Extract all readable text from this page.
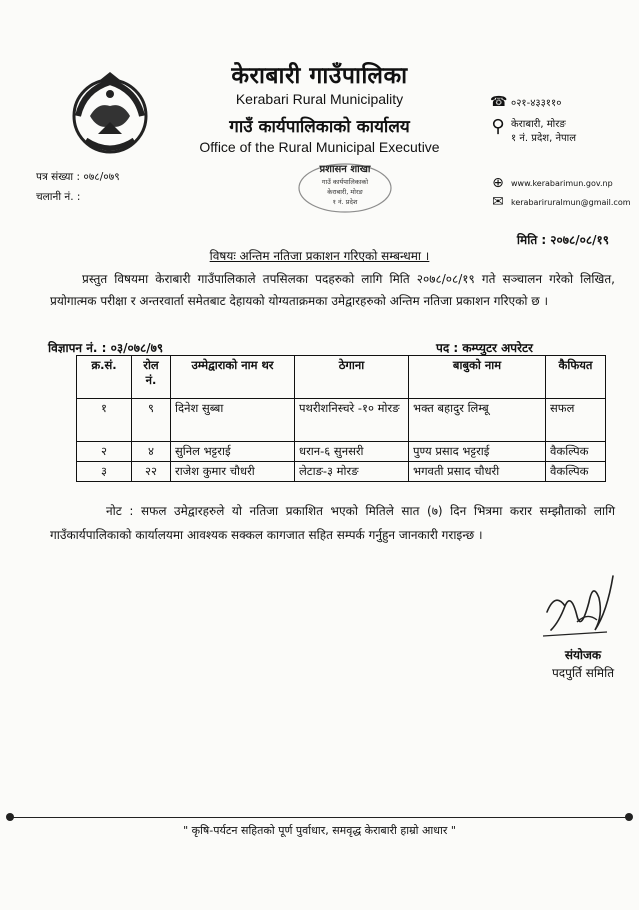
केराबारी गाउँपालिका
Kerabari Rural Municipality
गाउँ कार्यपालिकाको कार्यालय
Office of the Rural Municipal Executive
☎ ०२१-४३३११०
⚲ केराबारी, मोरङ
१ नं. प्रदेश, नेपाल
⊕ www.kerabarimun.gov.np
✉ kerabariruralmun@gmail.com
पत्र संख्या : ०७८/०७९
चलानी नं. :
प्रशासन शाखा
गाउँ कार्यपालिकाको
केराबारी, मोरङ
१ नं. प्रदेश
मिति : २०७८/०८/१९
विषयः अन्तिम नतिजा प्रकाशन गरिएको सम्बन्धमा ।
प्रस्तुत विषयमा केराबारी गाउँपालिकाले तपसिलका पदहरुको लागि मिति २०७८/०८/१९ गते सञ्चालन गरेको लिखित, प्रयोगात्मक परीक्षा र अन्तरवार्ता समेतबाट देहायको योग्यताक्रमका उमेद्वारहरुको अन्तिम नतिजा प्रकाशन गरिएको छ ।
विज्ञापन नं. : ०३/०७८/७९	पद : कम्प्युटर अपरेटर
क्र.सं.	रोल नं.	उम्मेद्वाराको नाम थर	ठेगाना	बाबुको नाम	कैफियत
१	९	दिनेश सुब्बा	पथरीशनिस्चरे -१० मोरङ	भक्त बहादुर लिम्बू	सफल
२	४	सुनिल भट्टराई	धरान-६ सुनसरी	पुण्य प्रसाद भट्टराई	वैकल्पिक
३	२२	राजेश कुमार चौधरी	लेटाङ-३ मोरङ	भगवती प्रसाद चौधरी	वैकल्पिक
नोट : सफल उमेद्वारहरुले यो नतिजा प्रकाशित भएको मितिले सात (७) दिन भित्रमा करार सम्झौताको लागि गाउँकार्यपालिकाको कार्यालयमा आवश्यक सक्कल कागजात सहित सम्पर्क गर्नुहुन जानकारी गराइन्छ ।
संयोजक
पदपुर्ति समिति
" कृषि-पर्यटन सहितको पूर्ण पुर्वाधार, समवृद्ध केराबारी हाम्रो आधार "
